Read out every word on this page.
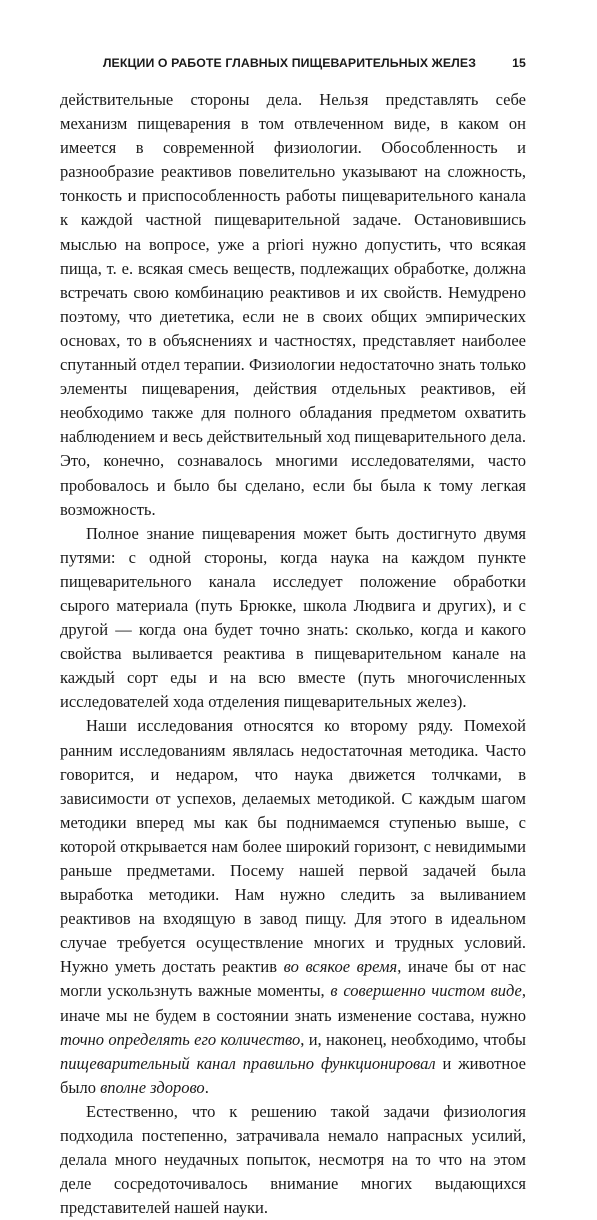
ЛЕКЦИИ О РАБОТЕ ГЛАВНЫХ ПИЩЕВАРИТЕЛЬНЫХ ЖЕЛЕЗ	15

действительные стороны дела. Нельзя представлять себе механизм пищеварения в том отвлеченном виде, в каком он имеется в современной физиологии. Обособленность и разнообразие реактивов повелительно указывают на сложность, тонкость и приспособленность работы пищеварительного канала к каждой частной пищеварительной задаче. Остановившись мыслью на вопросе, уже a priori нужно допустить, что всякая пища, т. е. всякая смесь веществ, подлежащих обработке, должна встречать свою комбинацию реактивов и их свойств. Немудрено поэтому, что диететика, если не в своих общих эмпирических основах, то в объяснениях и частностях, представляет наиболее спутанный отдел терапии. Физиологии недостаточно знать только элементы пищеварения, действия отдельных реактивов, ей необходимо также для полного обладания предметом охватить наблюдением и весь действительный ход пищеварительного дела. Это, конечно, сознавалось многими исследователями, часто пробовалось и было бы сделано, если бы была к тому легкая возможность.

Полное знание пищеварения может быть достигнуто двумя путями: с одной стороны, когда наука на каждом пункте пищеварительного канала исследует положение обработки сырого материала (путь Брюкке, школа Людвига и других), и с другой — когда она будет точно знать: сколько, когда и какого свойства выливается реактива в пищеварительном канале на каждый сорт еды и на всю вместе (путь многочисленных исследователей хода отделения пищеварительных желез).

Наши исследования относятся ко второму ряду. Помехой ранним исследованиям являлась недостаточная методика. Часто говорится, и недаром, что наука движется толчками, в зависимости от успехов, делаемых методикой. С каждым шагом методики вперед мы как бы поднимаемся ступенью выше, с которой открывается нам более широкий горизонт, с невидимыми раньше предметами. Посему нашей первой задачей была выработка методики. Нам нужно следить за выливанием реактивов на входящую в завод пищу. Для этого в идеальном случае требуется осуществление многих и трудных условий. Нужно уметь достать реактив во всякое время, иначе бы от нас могли ускользнуть важные моменты, в совершенно чистом виде, иначе мы не будем в состоянии знать изменение состава, нужно точно определять его количество, и, наконец, необходимо, чтобы пищеварительный канал правильно функционировал и животное было вполне здорово.

Естественно, что к решению такой задачи физиология подходила постепенно, затрачивала немало напрасных усилий, делала много неудачных попыток, несмотря на то что на этом деле сосредоточивалось внимание многих выдающихся представителей нашей науки.
